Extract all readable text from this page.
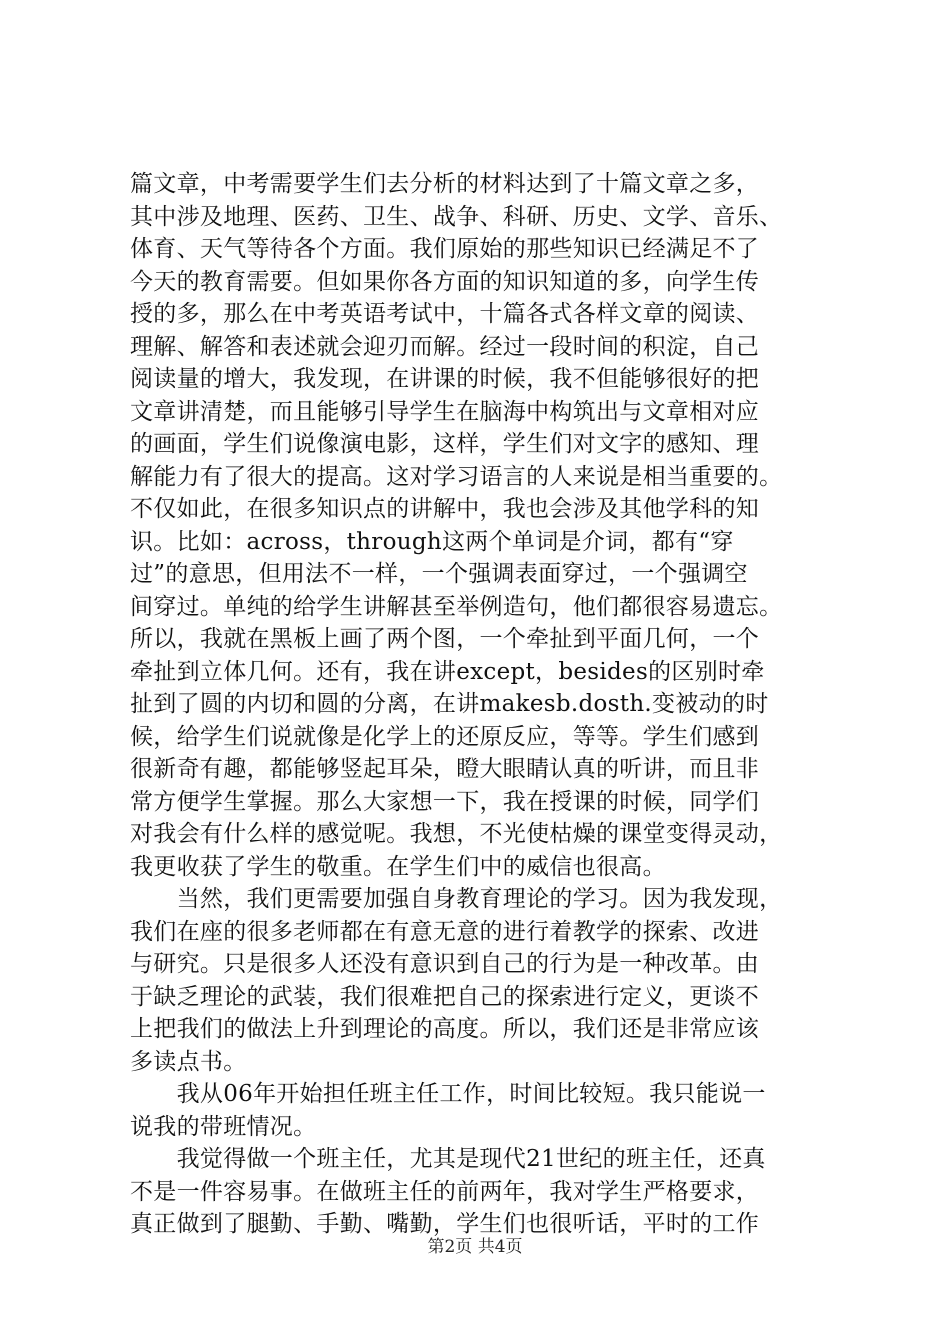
篇文章，中考需要学生们去分析的材料达到了十篇文章之多，
其中涉及地理、医药、卫生、战争、科研、历史、文学、音乐、
体育、天气等待各个方面。我们原始的那些知识已经满足不了
今天的教育需要。但如果你各方面的知识知道的多，向学生传
授的多，那么在中考英语考试中，十篇各式各样文章的阅读、
理解、解答和表述就会迎刃而解。经过一段时间的积淀，自己
阅读量的增大，我发现，在讲课的时候，我不但能够很好的把
文章讲清楚，而且能够引导学生在脑海中构筑出与文章相对应
的画面，学生们说像演电影，这样，学生们对文字的感知、理
解能力有了很大的提高。这对学习语言的人来说是相当重要的。
不仅如此，在很多知识点的讲解中，我也会涉及其他学科的知
识。比如：across，through这两个单词是介词，都有“穿
过”的意思，但用法不一样，一个强调表面穿过，一个强调空
间穿过。单纯的给学生讲解甚至举例造句，他们都很容易遗忘。
所以，我就在黑板上画了两个图，一个牵扯到平面几何，一个
牵扯到立体几何。还有，我在讲except，besides的区别时牵
扯到了圆的内切和圆的分离，在讲makesb.dosth.变被动的时
候，给学生们说就像是化学上的还原反应，等等。学生们感到
很新奇有趣，都能够竖起耳朵，瞪大眼睛认真的听讲，而且非
常方便学生掌握。那么大家想一下，我在授课的时候，同学们
对我会有什么样的感觉呢。我想，不光使枯燥的课堂变得灵动，
我更收获了学生的敬重。在学生们中的威信也很高。
　　当然，我们更需要加强自身教育理论的学习。因为我发现，
我们在座的很多老师都在有意无意的进行着教学的探索、改进
与研究。只是很多人还没有意识到自己的行为是一种改革。由
于缺乏理论的武装，我们很难把自己的探索进行定义，更谈不
上把我们的做法上升到理论的高度。所以，我们还是非常应该
多读点书。
　　我从06年开始担任班主任工作，时间比较短。我只能说一
说我的带班情况。
　　我觉得做一个班主任，尤其是现代21世纪的班主任，还真
不是一件容易事。在做班主任的前两年，我对学生严格要求，
真正做到了腿勤、手勤、嘴勤，学生们也很听话，平时的工作
第2页 共4页
